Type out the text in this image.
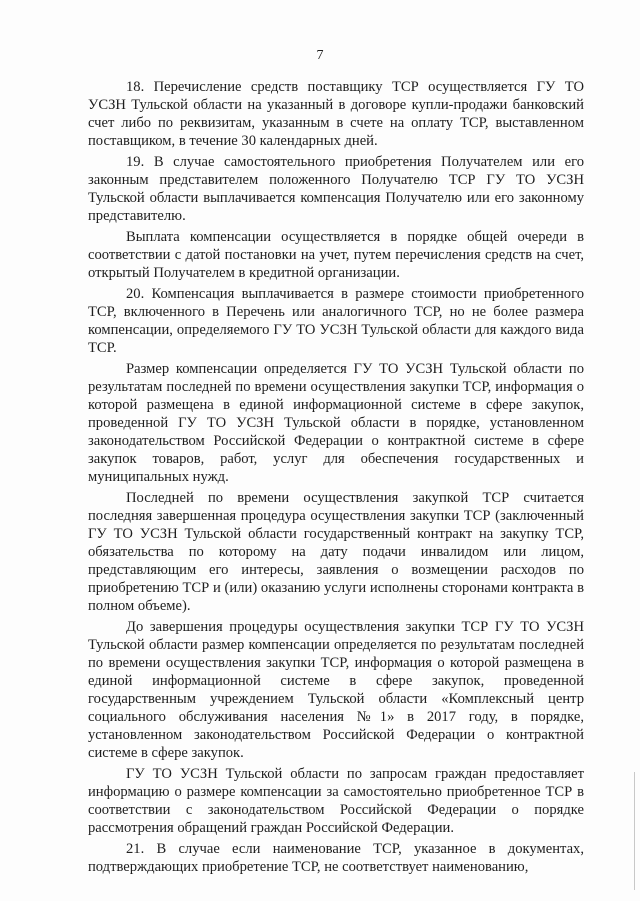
7

18. Перечисление средств поставщику ТСР осуществляется ГУ ТО УСЗН Тульской области на указанный в договоре купли-продажи банковский счет либо по реквизитам, указанным в счете на оплату ТСР, выставленном поставщиком, в течение 30 календарных дней.

19. В случае самостоятельного приобретения Получателем или его законным представителем положенного Получателю ТСР ГУ ТО УСЗН Тульской области выплачивается компенсация Получателю или его законному представителю.

Выплата компенсации осуществляется в порядке общей очереди в соответствии с датой постановки на учет, путем перечисления средств на счет, открытый Получателем в кредитной организации.

20. Компенсация выплачивается в размере стоимости приобретенного ТСР, включенного в Перечень или аналогичного ТСР, но не более размера компенсации, определяемого ГУ ТО УСЗН Тульской области для каждого вида ТСР.

Размер компенсации определяется ГУ ТО УСЗН Тульской области по результатам последней по времени осуществления закупки ТСР, информация о которой размещена в единой информационной системе в сфере закупок, проведенной ГУ ТО УСЗН Тульской области в порядке, установленном законодательством Российской Федерации о контрактной системе в сфере закупок товаров, работ, услуг для обеспечения государственных и муниципальных нужд.

Последней по времени осуществления закупкой ТСР считается последняя завершенная процедура осуществления закупки ТСР (заключенный ГУ ТО УСЗН Тульской области государственный контракт на закупку ТСР, обязательства по которому на дату подачи инвалидом или лицом, представляющим его интересы, заявления о возмещении расходов по приобретению ТСР и (или) оказанию услуги исполнены сторонами контракта в полном объеме).

До завершения процедуры осуществления закупки ТСР ГУ ТО УСЗН Тульской области размер компенсации определяется по результатам последней по времени осуществления закупки ТСР, информация о которой размещена в единой информационной системе в сфере закупок, проведенной государственным учреждением Тульской области «Комплексный центр социального обслуживания населения №1» в 2017 году, в порядке, установленном законодательством Российской Федерации о контрактной системе в сфере закупок.

ГУ ТО УСЗН Тульской области по запросам граждан предоставляет информацию о размере компенсации за самостоятельно приобретенное ТСР в соответствии с законодательством Российской Федерации о порядке рассмотрения обращений граждан Российской Федерации.

21. В случае если наименование ТСР, указанное в документах, подтверждающих приобретение ТСР, не соответствует наименованию,
